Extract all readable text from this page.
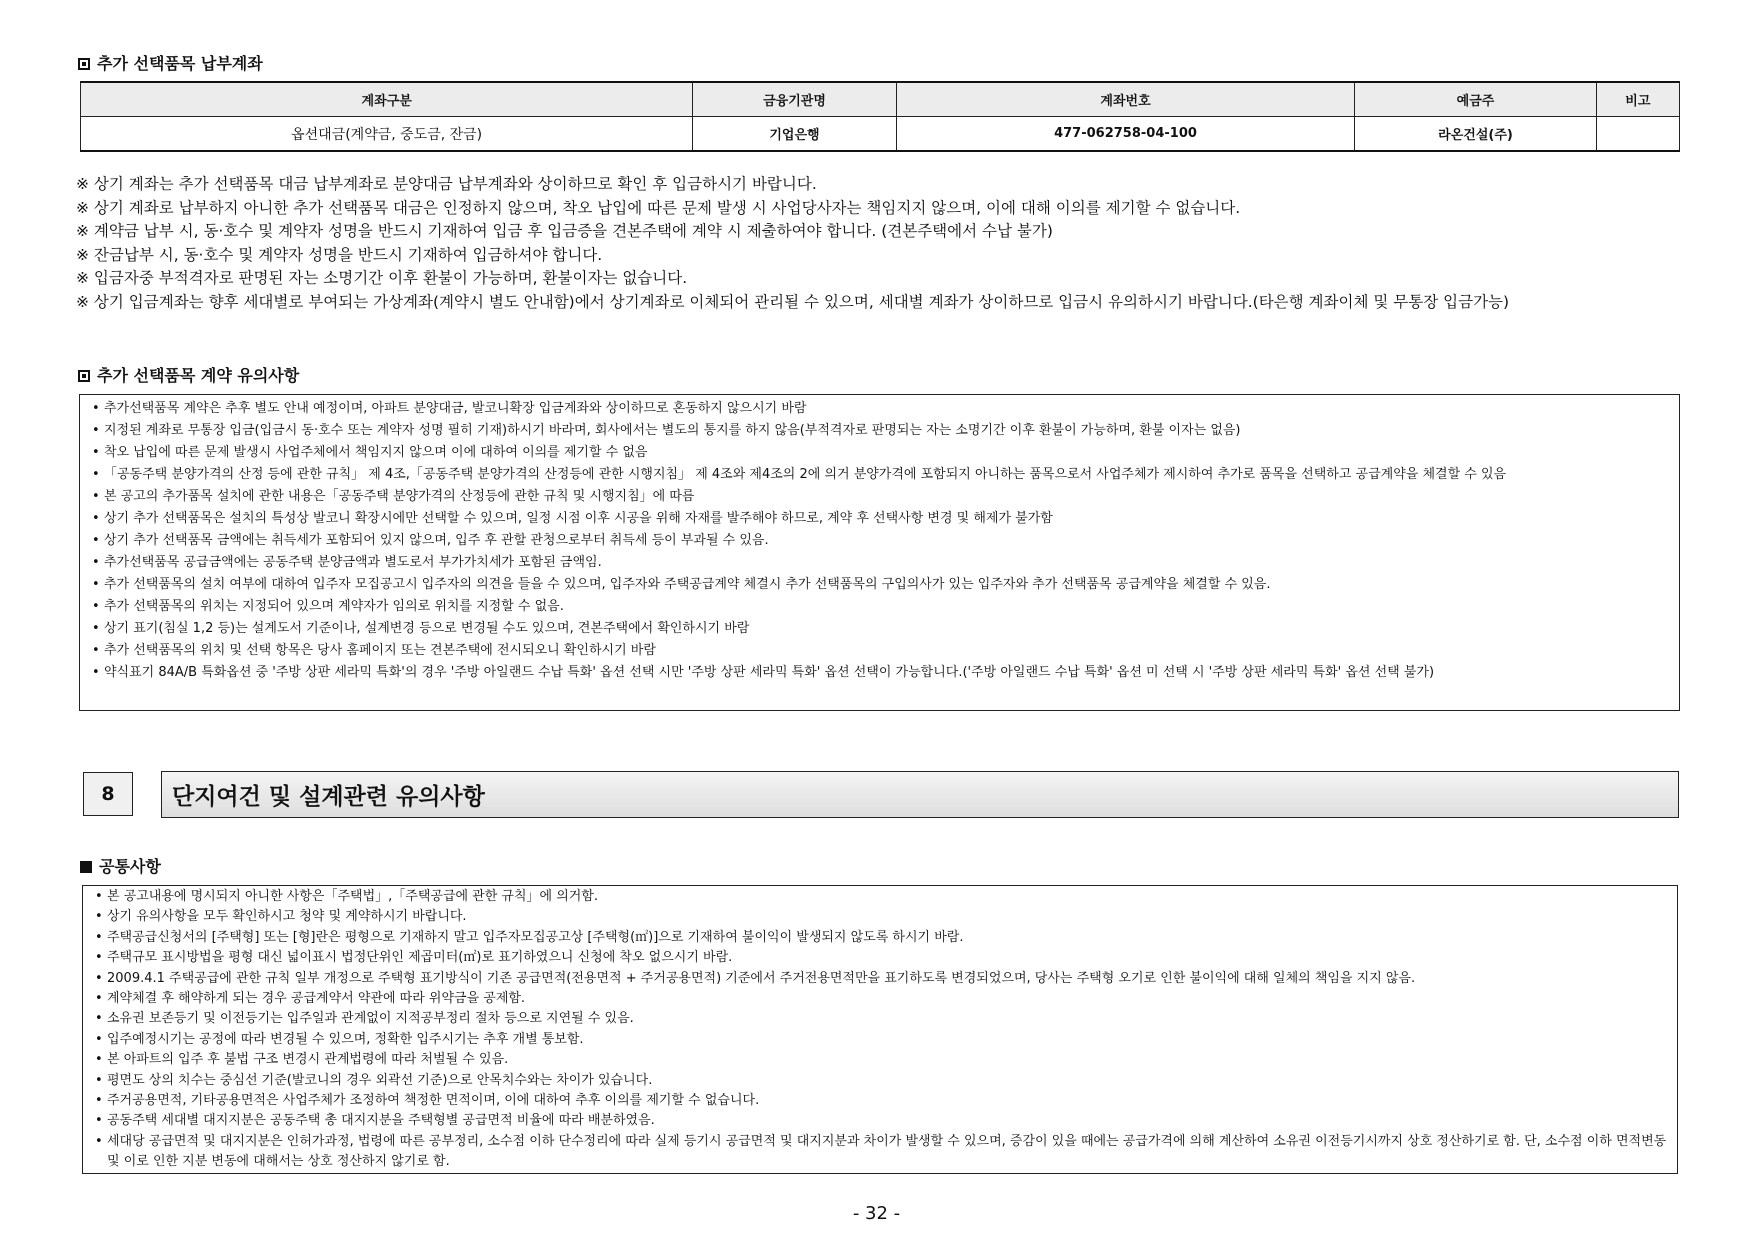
추가 선택품목 납부계좌
계좌구분	금융기관명	계좌번호	예금주	비고
옵션대금(계약금, 중도금, 잔금)	기업은행	477-062758-04-100	라온건설(주)	
※ 상기 계좌는 추가 선택품목 대금 납부계좌로 분양대금 납부계좌와 상이하므로 확인 후 입금하시기 바랍니다.
※ 상기 계좌로 납부하지 아니한 추가 선택품목 대금은 인정하지 않으며, 착오 납입에 따른 문제 발생 시 사업당사자는 책임지지 않으며, 이에 대해 이의를 제기할 수 없습니다.
※ 계약금 납부 시, 동·호수 및 계약자 성명을 반드시 기재하여 입금 후 입금증을 견본주택에 계약 시 제출하여야 합니다. (견본주택에서 수납 불가)
※ 잔금납부 시, 동·호수 및 계약자 성명을 반드시 기재하여 입금하셔야 합니다.
※ 입금자중 부적격자로 판명된 자는 소명기간 이후 환불이 가능하며, 환불이자는 없습니다.
※ 상기 입금계좌는 향후 세대별로 부여되는 가상계좌(계약시 별도 안내함)에서 상기계좌로 이체되어 관리될 수 있으며, 세대별 계좌가 상이하므로 입금시 유의하시기 바랍니다.(타은행 계좌이체 및 무통장 입금가능)
추가 선택품목 계약 유의사항
• 추가선택품목 계약은 추후 별도 안내 예정이며, 아파트 분양대금, 발코니확장 입금계좌와 상이하므로 혼동하지 않으시기 바람
• 지정된 계좌로 무통장 입금(입금시 동·호수 또는 계약자 성명 필히 기재)하시기 바라며, 회사에서는 별도의 통지를 하지 않음(부적격자로 판명되는 자는 소명기간 이후 환불이 가능하며, 환불 이자는 없음)
• 착오 납입에 따른 문제 발생시 사업주체에서 책임지지 않으며 이에 대하여 이의를 제기할 수 없음
• 「공동주택 분양가격의 산정 등에 관한 규칙」 제 4조,「공동주택 분양가격의 산정등에 관한 시행지침」 제 4조와 제4조의 2에 의거 분양가격에 포함되지 아니하는 품목으로서 사업주체가 제시하여 추가로 품목을 선택하고 공급계약을 체결할 수 있음
• 본 공고의 추가품목 설치에 관한 내용은「공동주택 분양가격의 산정등에 관한 규칙 및 시행지침」에 따름
• 상기 추가 선택품목은 설치의 특성상 발코니 확장시에만 선택할 수 있으며, 일정 시점 이후 시공을 위해 자재를 발주해야 하므로, 계약 후 선택사항 변경 및 해제가 불가함
• 상기 추가 선택품목 금액에는 취득세가 포함되어 있지 않으며, 입주 후 관할 관청으로부터 취득세 등이 부과될 수 있음.
• 추가선택품목 공급금액에는 공동주택 분양금액과 별도로서 부가가치세가 포함된 금액임.
• 추가 선택품목의 설치 여부에 대하여 입주자 모집공고시 입주자의 의견을 들을 수 있으며, 입주자와 주택공급계약 체결시 추가 선택품목의 구입의사가 있는 입주자와 추가 선택품목 공급계약을 체결할 수 있음.
• 추가 선택품목의 위치는 지정되어 있으며 계약자가 임의로 위치를 지정할 수 없음.
• 상기 표기(침실 1,2 등)는 설계도서 기준이나, 설계변경 등으로 변경될 수도 있으며, 견본주택에서 확인하시기 바람
• 추가 선택품목의 위치 및 선택 항목은 당사 홈페이지 또는 견본주택에 전시되오니 확인하시기 바람
• 약식표기 84A/B 특화옵션 중 '주방 상판 세라믹 특화'의 경우 '주방 아일랜드 수납 특화' 옵션 선택 시만 '주방 상판 세라믹 특화' 옵션 선택이 가능합니다.('주방 아일랜드 수납 특화' 옵션 미 선택 시 '주방 상판 세라믹 특화' 옵션 선택 불가)
8	단지여건 및 설계관련 유의사항
공통사항
• 본 공고내용에 명시되지 아니한 사항은「주택법」,「주택공급에 관한 규칙」에 의거함.
• 상기 유의사항을 모두 확인하시고 청약 및 계약하시기 바랍니다.
• 주택공급신청서의 [주택형] 또는 [형]란은 평형으로 기재하지 말고 입주자모집공고상 [주택형(㎡)]으로 기재하여 불이익이 발생되지 않도록 하시기 바람.
• 주택규모 표시방법을 평형 대신 넓이표시 법정단위인 제곱미터(㎡)로 표기하였으니 신청에 착오 없으시기 바람.
• 2009.4.1 주택공급에 관한 규칙 일부 개정으로 주택형 표기방식이 기존 공급면적(전용면적 + 주거공용면적) 기준에서 주거전용면적만을 표기하도록 변경되었으며, 당사는 주택형 오기로 인한 불이익에 대해 일체의 책임을 지지 않음.
• 계약체결 후 해약하게 되는 경우 공급계약서 약관에 따라 위약금을 공제함.
• 소유권 보존등기 및 이전등기는 입주일과 관계없이 지적공부정리 절차 등으로 지연될 수 있음.
• 입주예정시기는 공정에 따라 변경될 수 있으며, 정확한 입주시기는 추후 개별 통보함.
• 본 아파트의 입주 후 불법 구조 변경시 관계법령에 따라 처벌될 수 있음.
• 평면도 상의 치수는 중심선 기준(발코니의 경우 외곽선 기준)으로 안목치수와는 차이가 있습니다.
• 주거공용면적, 기타공용면적은 사업주체가 조정하여 책정한 면적이며, 이에 대하여 추후 이의를 제기할 수 없습니다.
• 공동주택 세대별 대지지분은 공동주택 총 대지지분을 주택형별 공급면적 비율에 따라 배분하였음.
• 세대당 공급면적 및 대지지분은 인허가과정, 법령에 따른 공부정리, 소수점 이하 단수정리에 따라 실제 등기시 공급면적 및 대지지분과 차이가 발생할 수 있으며, 증감이 있을 때에는 공급가격에 의해 계산하여 소유권 이전등기시까지 상호 정산하기로 함. 단, 소수점 이하 면적변동 및 이로 인한 지분 변동에 대해서는 상호 정산하지 않기로 함.
- 32 -
